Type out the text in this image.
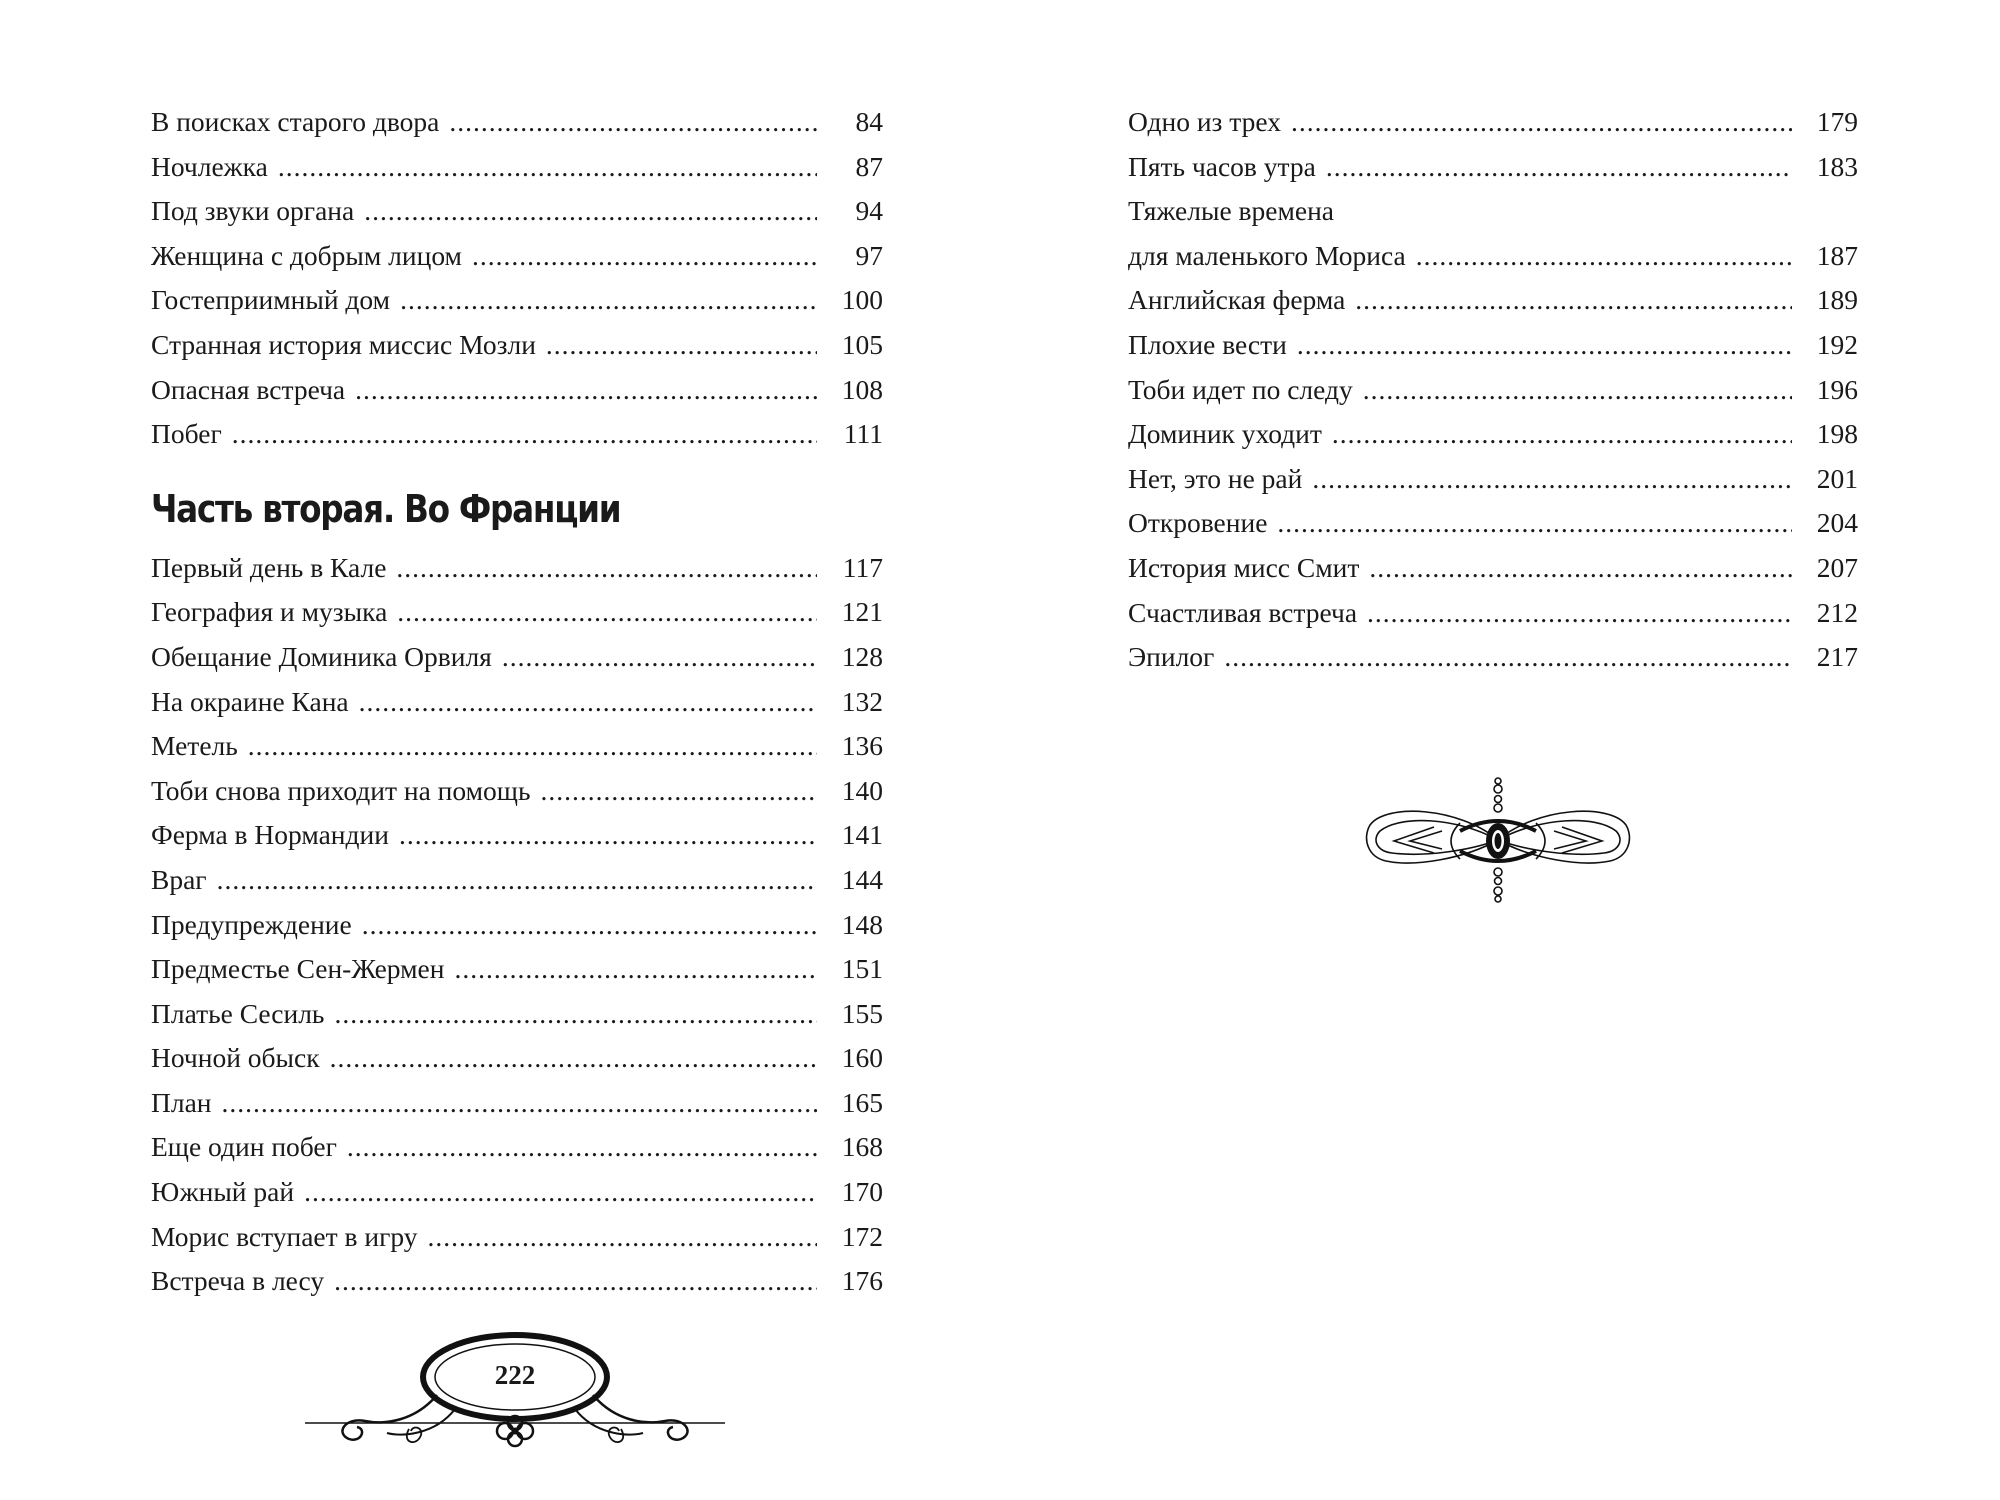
В поисках старого двора .....	84
Ночлежка .....	87
Под звуки органа .....	94
Женщина с добрым лицом .....	97
Гостеприимный дом .....	100
Странная история миссис Мозли .....	105
Опасная встреча .....	108
Побег .....	111
Часть вторая. Во Франции
Первый день в Кале .....	117
География и музыка .....	121
Обещание Доминика Орвиля .....	128
На окраине Кана .....	132
Метель .....	136
Тоби снова приходит на помощь .....	140
Ферма в Нормандии .....	141
Враг .....	144
Предупреждение .....	148
Предместье Сен-Жермен .....	151
Платье Сесиль .....	155
Ночной обыск .....	160
План .....	165
Еще один побег .....	168
Южный рай .....	170
Морис вступает в игру .....	172
Встреча в лесу .....	176
Одно из трех .....	179
Пять часов утра .....	183
Тяжелые времена
для маленького Мориса .....	187
Английская ферма .....	189
Плохие вести .....	192
Тоби идет по следу .....	196
Доминик уходит .....	198
Нет, это не рай .....	201
Откровение .....	204
История мисс Смит .....	207
Счастливая встреча .....	212
Эпилог .....	217
222
